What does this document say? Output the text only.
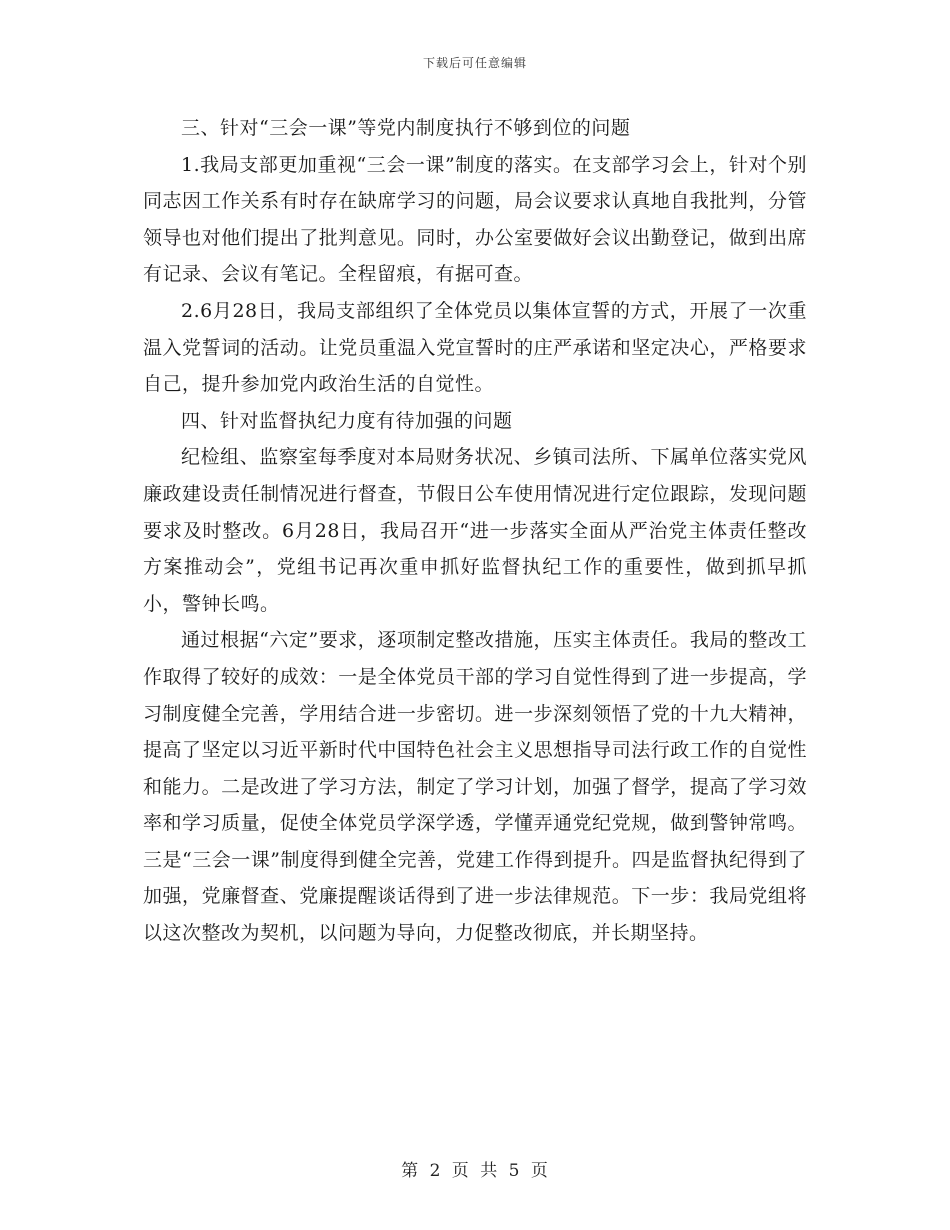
下载后可任意编辑

三、针对“三会一课”等党内制度执行不够到位的问题

1.我局支部更加重视“三会一课”制度的落实。在支部学习会上，针对个别同志因工作关系有时存在缺席学习的问题，局会议要求认真地自我批判，分管领导也对他们提出了批判意见。同时，办公室要做好会议出勤登记，做到出席有记录、会议有笔记。全程留痕，有据可查。

2.6月28日，我局支部组织了全体党员以集体宣誓的方式，开展了一次重温入党誓词的活动。让党员重温入党宣誓时的庄严承诺和坚定决心，严格要求自己，提升参加党内政治生活的自觉性。

四、针对监督执纪力度有待加强的问题

纪检组、监察室每季度对本局财务状况、乡镇司法所、下属单位落实党风廉政建设责任制情况进行督查，节假日公车使用情况进行定位跟踪，发现问题要求及时整改。6月28日，我局召开“进一步落实全面从严治党主体责任整改方案推动会”，党组书记再次重申抓好监督执纪工作的重要性，做到抓早抓小，警钟长鸣。

通过根据“六定”要求，逐项制定整改措施，压实主体责任。我局的整改工作取得了较好的成效：一是全体党员干部的学习自觉性得到了进一步提高，学习制度健全完善，学用结合进一步密切。进一步深刻领悟了党的十九大精神，提高了坚定以习近平新时代中国特色社会主义思想指导司法行政工作的自觉性和能力。二是改进了学习方法，制定了学习计划，加强了督学，提高了学习效率和学习质量，促使全体党员学深学透，学懂弄通党纪党规，做到警钟常鸣。三是“三会一课”制度得到健全完善，党建工作得到提升。四是监督执纪得到了加强，党廉督查、党廉提醒谈话得到了进一步法律规范。下一步：我局党组将以这次整改为契机，以问题为导向，力促整改彻底，并长期坚持。

第 2 页 共 5 页
